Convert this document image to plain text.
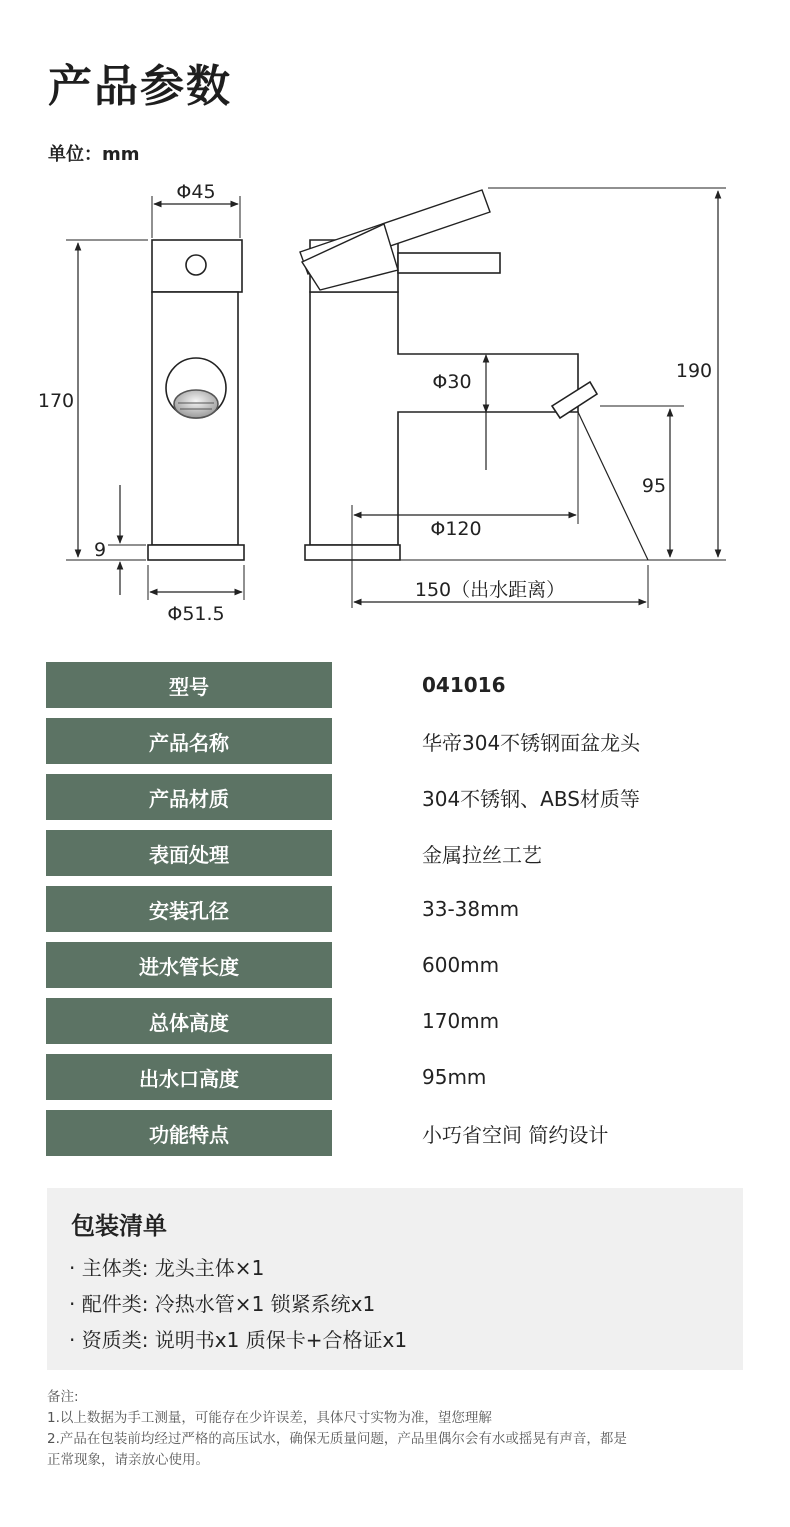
产品参数
单位：mm
Φ45
170
9
Φ51.5
190
Φ30
95
Φ120
150（出水距离）
型号	041016
产品名称	华帝304不锈钢面盆龙头
产品材质	304不锈钢、ABS材质等
表面处理	金属拉丝工艺
安装孔径	33-38mm
进水管长度	600mm
总体高度	170mm
出水口高度	95mm
功能特点	小巧省空间 简约设计
包装清单
· 主体类: 龙头主体×1
· 配件类: 冷热水管×1 锁紧系统x1
· 资质类: 说明书x1 质保卡+合格证x1
备注:
1.以上数据为手工测量，可能存在少许误差，具体尺寸实物为准，望您理解
2.产品在包装前均经过严格的高压试水，确保无质量问题，产品里偶尔会有水或摇晃有声音，都是
正常现象，请亲放心使用。
